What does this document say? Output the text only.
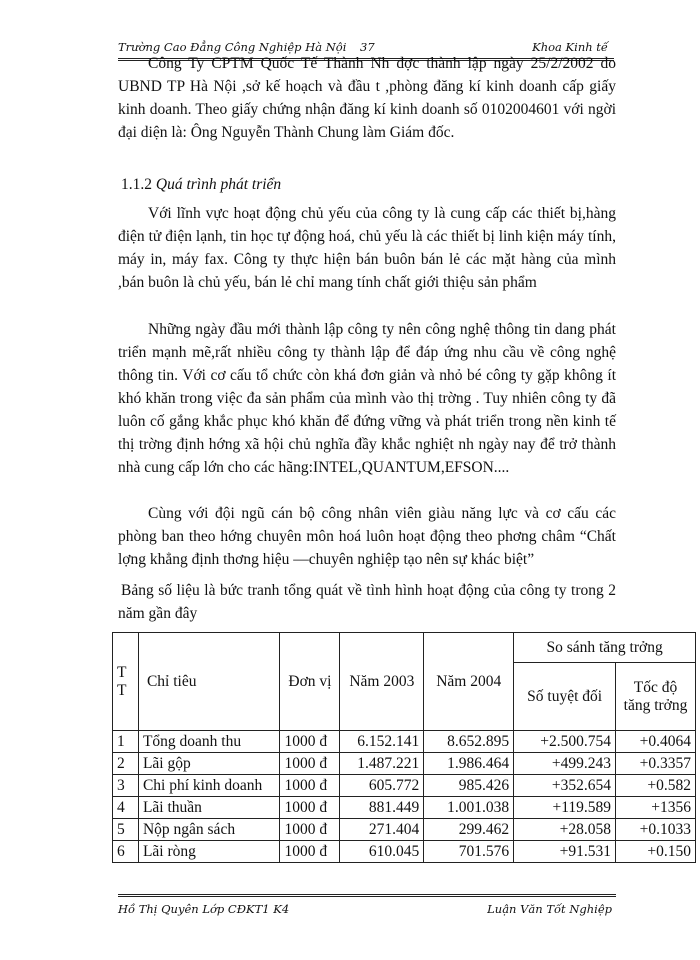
Trường Cao Đẳng Công Nghiệp Hà Nội 37	Khoa Kinh tế

Công Ty CPTM Quốc Tế Thành Nh đợc thành lập ngày 25/2/2002 do UBND TP Hà Nội ,sở kế hoạch và đầu t ,phòng đăng kí kinh doanh cấp giấy kinh doanh. Theo giấy chứng nhận đăng kí kinh doanh số 0102004601 với ngời đại diện là: Ông Nguyễn Thành Chung làm Giám đốc.

1.1.2 Quá trình phát triển

Với lĩnh vực hoạt động chủ yếu của công ty là cung cấp các thiết bị,hàng điện tử điện lạnh, tin học tự động hoá, chủ yếu là các thiết bị linh kiện máy tính, máy in, máy fax. Công ty thực hiện bán buôn bán lẻ các mặt hàng của mình ,bán buôn là chủ yếu, bán lẻ chỉ mang tính chất giới thiệu sản phẩm

Những ngày đầu mới thành lập công ty nên công nghệ thông tin dang phát triển mạnh mẽ,rất nhiều công ty thành lập để đáp ứng nhu cầu về công nghệ thông tin. Với cơ cấu tổ chức còn khá đơn giản và nhỏ bé công ty gặp không ít khó khăn trong việc đa sản phẩm của mình vào thị trờng . Tuy nhiên công ty đã luôn cố gắng khắc phục khó khăn để đứng vững và phát triển trong nền kinh tế thị trờng định hớng xã hội chủ nghĩa đầy khắc nghiệt nh ngày nay để trở thành nhà cung cấp lớn cho các hãng:INTEL,QUANTUM,EFSON....

Cùng với đội ngũ cán bộ công nhân viên giàu năng lực và cơ cấu các phòng ban theo hớng chuyên môn hoá luôn hoạt động theo phơng châm “Chất lợng khẳng định thơng hiệu —chuyên nghiệp tạo nên sự khác biệt”

Bảng số liệu là bức tranh tổng quát về tình hình hoạt động của công ty trong 2 năm gần đây

T T	Chỉ tiêu	Đơn vị	Năm 2003	Năm 2004	So sánh tăng trởng	
					Số tuyệt đối	Tốc độ tăng trởng
1	Tổng doanh thu	1000 đ	6.152.141	8.652.895	+2.500.754	+0.4064
2	Lãi gộp	1000 đ	1.487.221	1.986.464	+499.243	+0.3357
3	Chi phí kinh doanh	1000 đ	605.772	985.426	+352.654	+0.582
4	Lãi thuần	1000 đ	881.449	1.001.038	+119.589	+1356
5	Nộp ngân sách	1000 đ	271.404	299.462	+28.058	+0.1033
6	Lãi ròng	1000 đ	610.045	701.576	+91.531	+0.150
Hồ Thị Quyên Lớp CĐKT1 K4	Luận Văn Tốt Nghiệp
